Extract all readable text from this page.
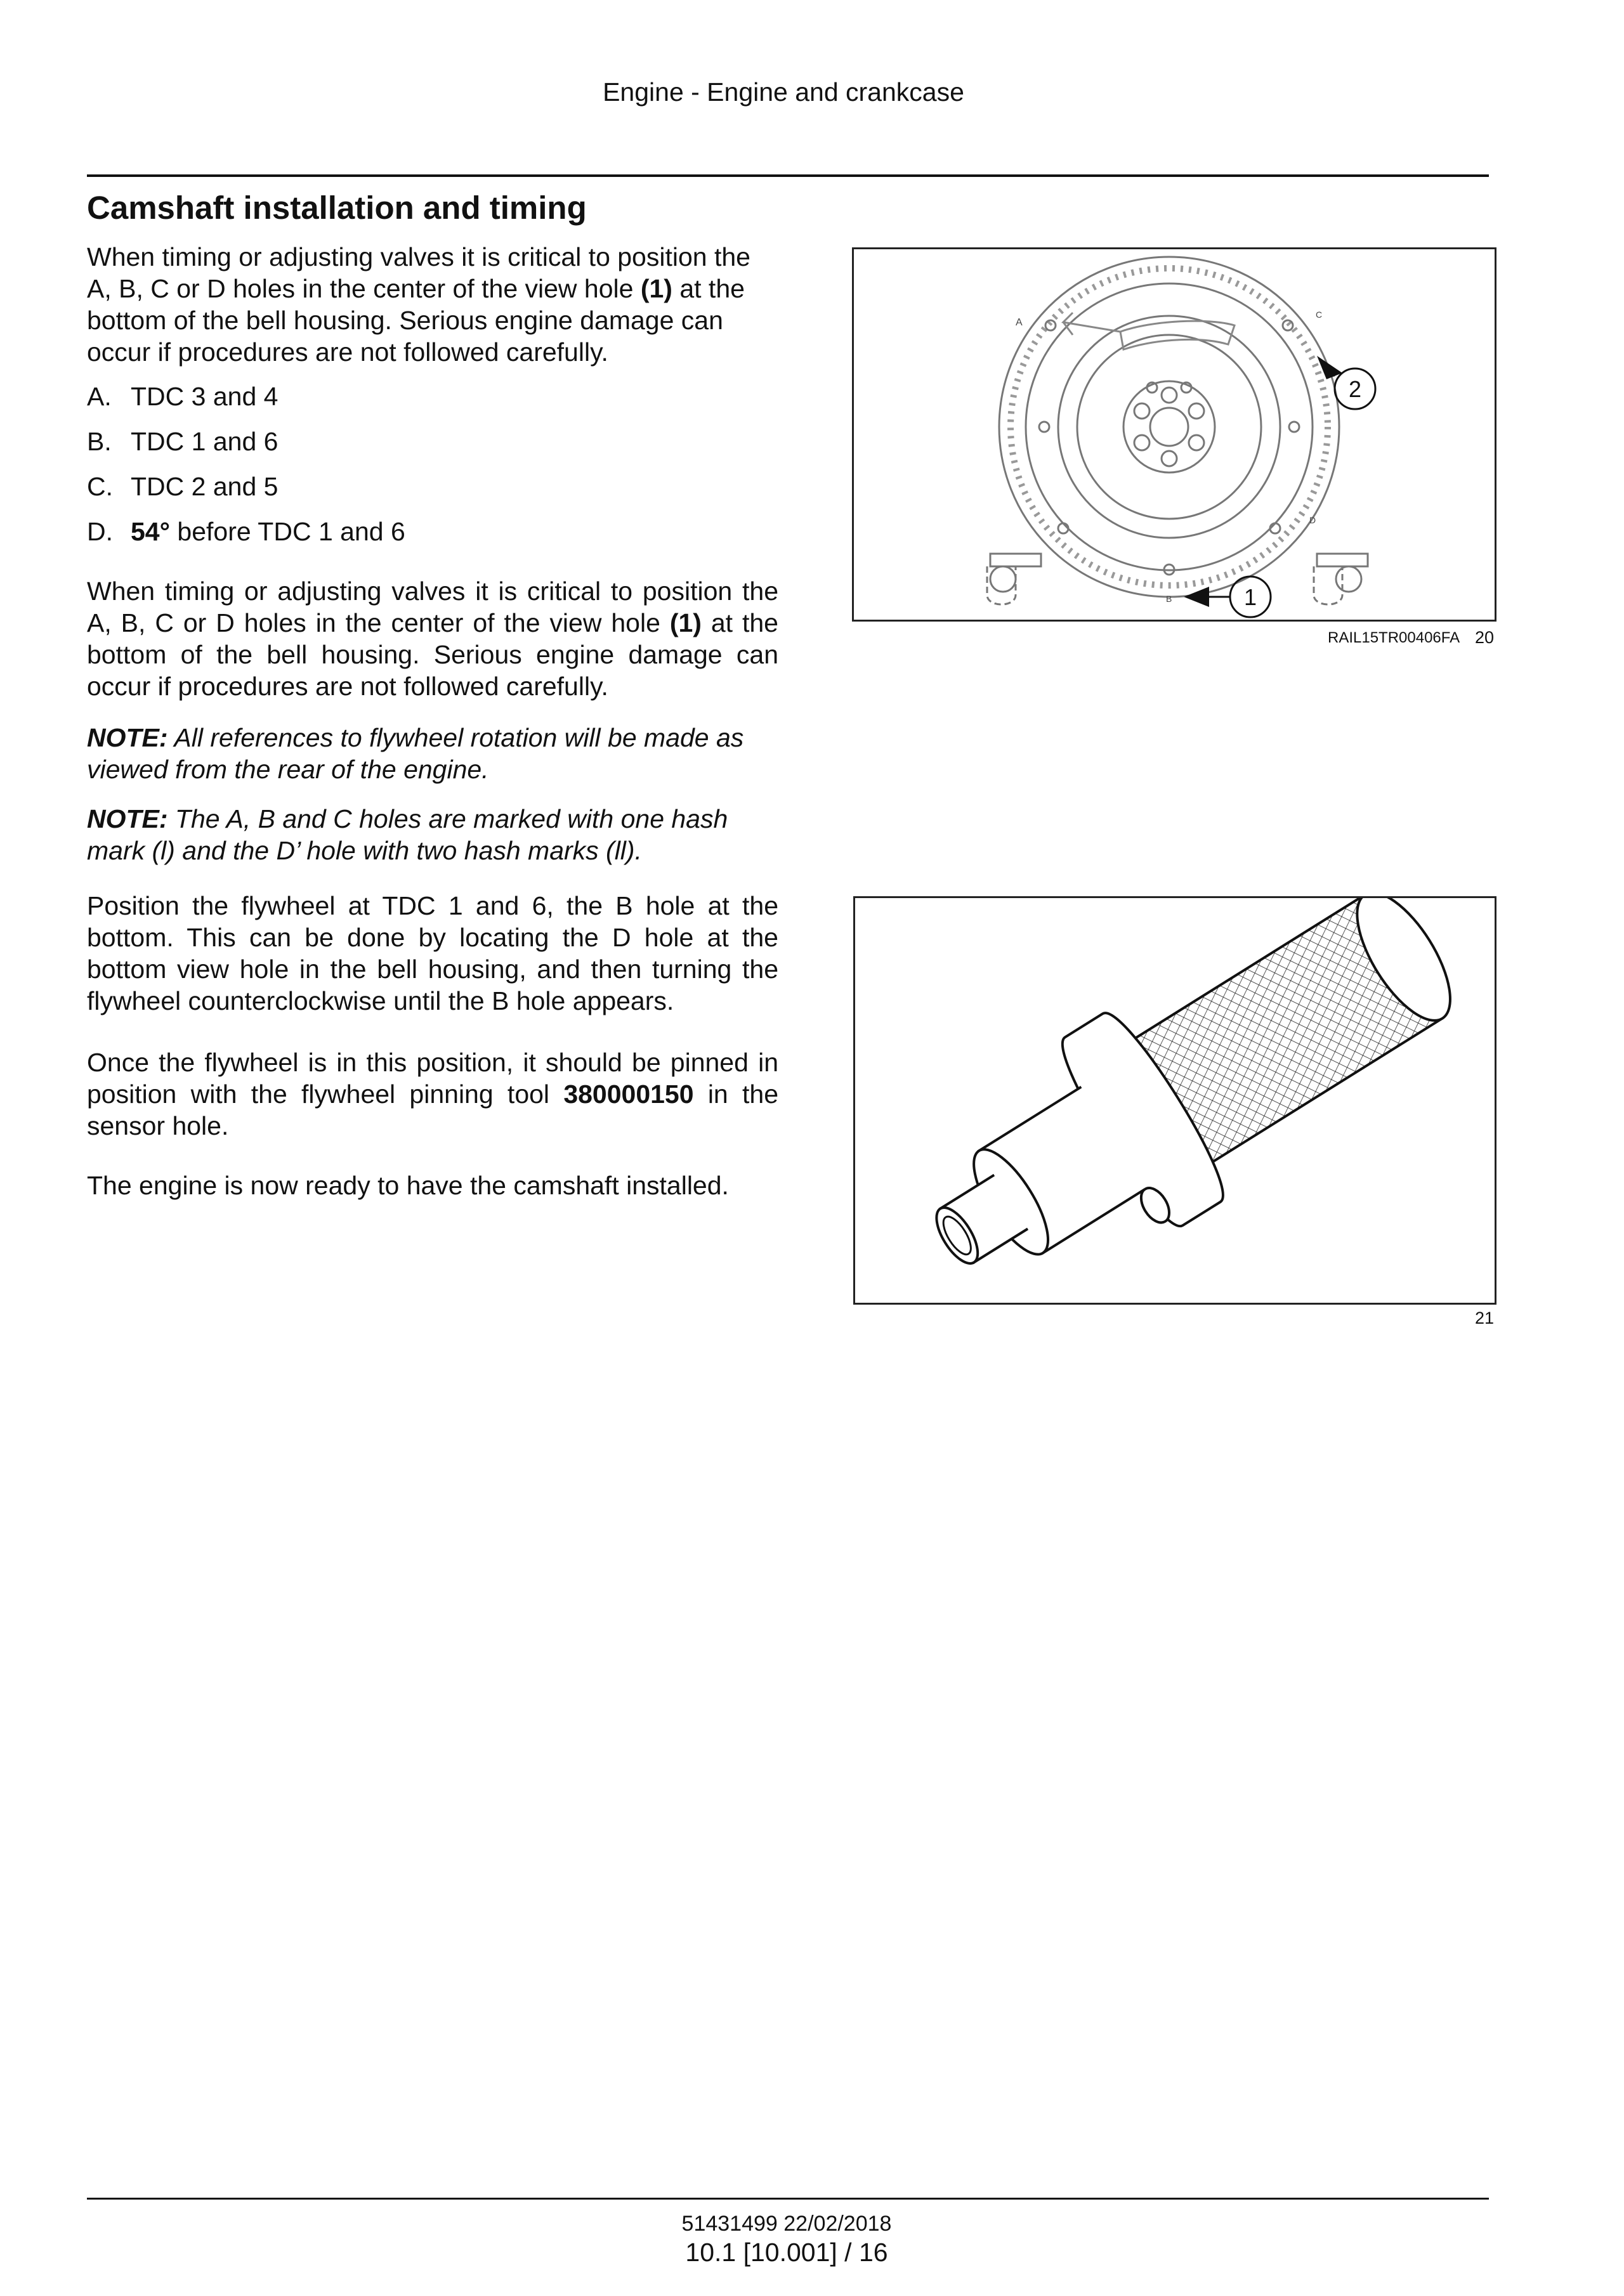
Engine - Engine and crankcase
Camshaft installation and timing

When timing or adjusting valves it is critical to position the A, B, C or D holes in the center of the view hole (1) at the bottom of the bell housing. Serious engine damage can occur if procedures are not followed carefully.

A. TDC 3 and 4
B. TDC 1 and 6
C. TDC 2 and 5
D. 54° before TDC 1 and 6

When timing or adjusting valves it is critical to position the A, B, C or D holes in the center of the view hole (1) at the bottom of the bell housing. Serious engine damage can occur if procedures are not followed carefully.

NOTE: All references to flywheel rotation will be made as viewed from the rear of the engine.

NOTE: The A, B and C holes are marked with one hash mark (l) and the D’ hole with two hash marks (ll).

Position the flywheel at TDC 1 and 6, the B hole at the bottom. This can be done by locating the D hole at the bottom view hole in the bell housing, and then turning the flywheel counterclockwise until the B hole appears.

Once the flywheel is in this position, it should be pinned in position with the flywheel pinning tool 380000150 in the sensor hole.

The engine is now ready to have the camshaft installed.

A
C
D
B	1
2
RAIL15TR00406FA 20
21
51431499 22/02/2018
10.1 [10.001] / 16
